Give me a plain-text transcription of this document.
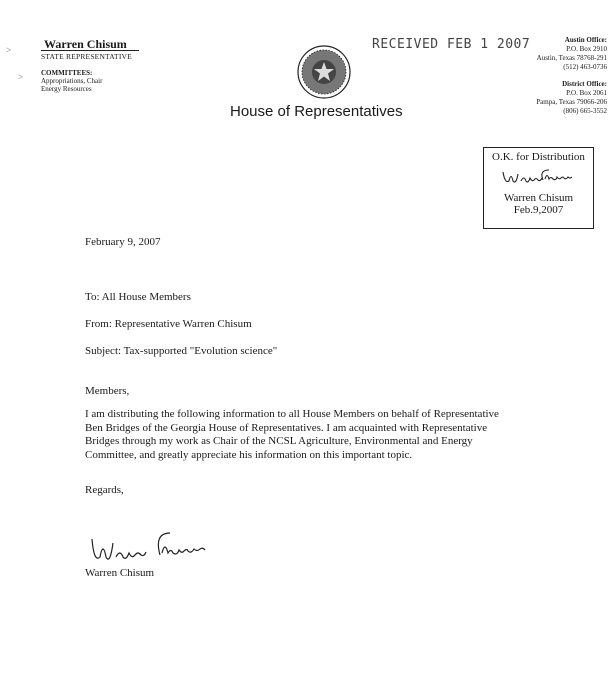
>
>
Warren Chisum
STATE REPRESENTATIVE
COMMITTEES:
Appropriations, Chair
Energy Resources
House of Representatives
RECEIVED FEB 1 2007	Austin Office:
P.O. Box 2910
Austin, Texas 78768-291
(512) 463-0736
District Office:
P.O. Box 2061
Pampa, Texas 79066-206
(806) 665-3552
O.K. for Distribution
Warren Chisum
Feb.9,2007
February 9, 2007
To: All House Members
From: Representative Warren Chisum
Subject: Tax-supported "Evolution science"
Members,
I am distributing the following information to all House Members on behalf of Representative
Ben Bridges of the Georgia House of Representatives. I am acquainted with Representative
Bridges through my work as Chair of the NCSL Agriculture, Environmental and Energy
Committee, and greatly appreciate his information on this important topic.
Regards,
Warren Chisum
